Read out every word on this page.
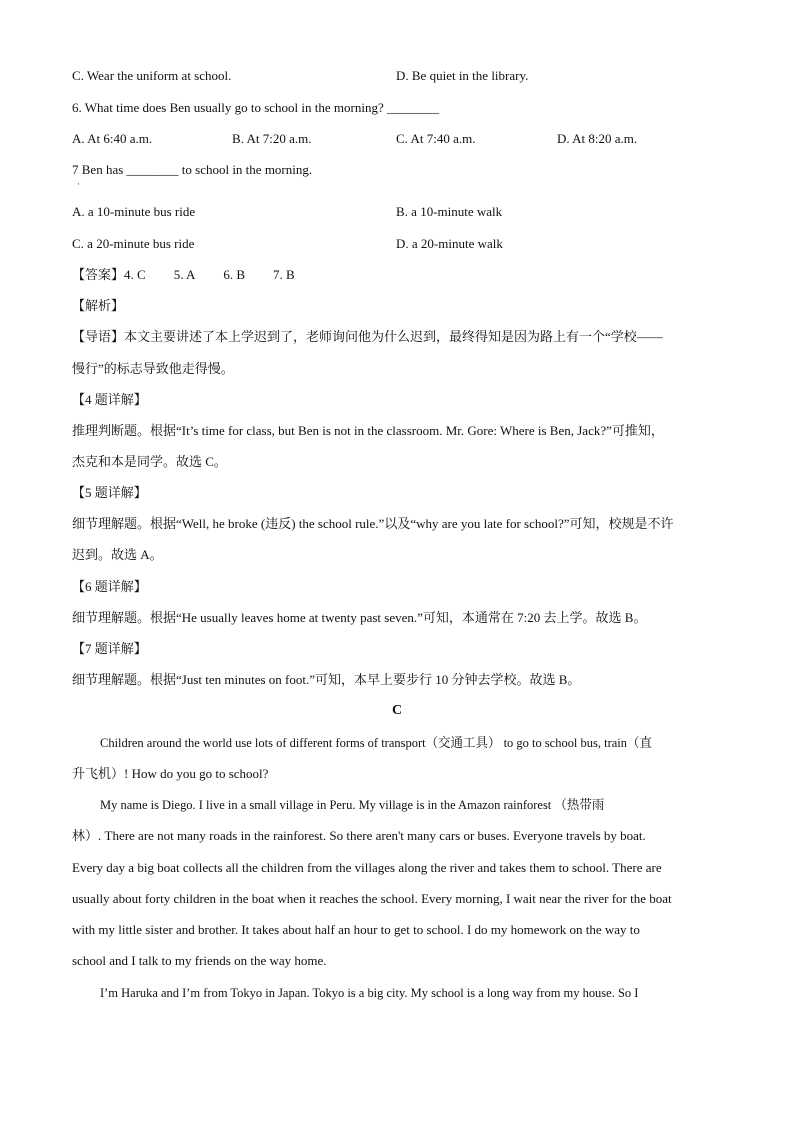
C. Wear the uniform at school.	D. Be quiet in the library.
6. What time does Ben usually go to school in the morning? ________
A. At 6:40 a.m.	B. At 7:20 a.m.	C. At 7:40 a.m.	D. At 8:20 a.m.
7 Ben has ________ to school in the morning.
·
A. a 10-minute bus ride	B. a 10-minute walk
C. a 20-minute bus ride	D. a 20-minute walk
【答案】4. C 5. A 6. B 7. B
【解析】
【导语】本文主要讲述了本上学迟到了，老师询问他为什么迟到，最终得知是因为路上有一个“学校——
慢行”的标志导致他走得慢。
【4 题详解】
推理判断题。根据“It’s time for class, but Ben is not in the classroom. Mr. Gore: Where is Ben, Jack?”可推知，
杰克和本是同学。故选 C。
【5 题详解】
细节理解题。根据“Well, he broke (违反) the school rule.”以及“why are you late for school?”可知，校规是不许
迟到。故选 A。
【6 题详解】
细节理解题。根据“He usually leaves home at twenty past seven.”可知，本通常在 7:20 去上学。故选 B。
【7 题详解】
细节理解题。根据“Just ten minutes on foot.”可知，本早上要步行 10 分钟去学校。故选 B。
C
Children around the world use lots of different forms of transport（交通工具） to go to school bus, train（直
升飞机）! How do you go to school?
My name is Diego. I live in a small village in Peru. My village is in the Amazon rainforest （热带雨
林）. There are not many roads in the rainforest. So there aren't many cars or buses. Everyone travels by boat.
Every day a big boat collects all the children from the villages along the river and takes them to school. There are
usually about forty children in the boat when it reaches the school. Every morning, I wait near the river for the boat
with my little sister and brother. It takes about half an hour to get to school. I do my homework on the way to
school and I talk to my friends on the way home.
I’m Haruka and I’m from Tokyo in Japan. Tokyo is a big city. My school is a long way from my house. So I
